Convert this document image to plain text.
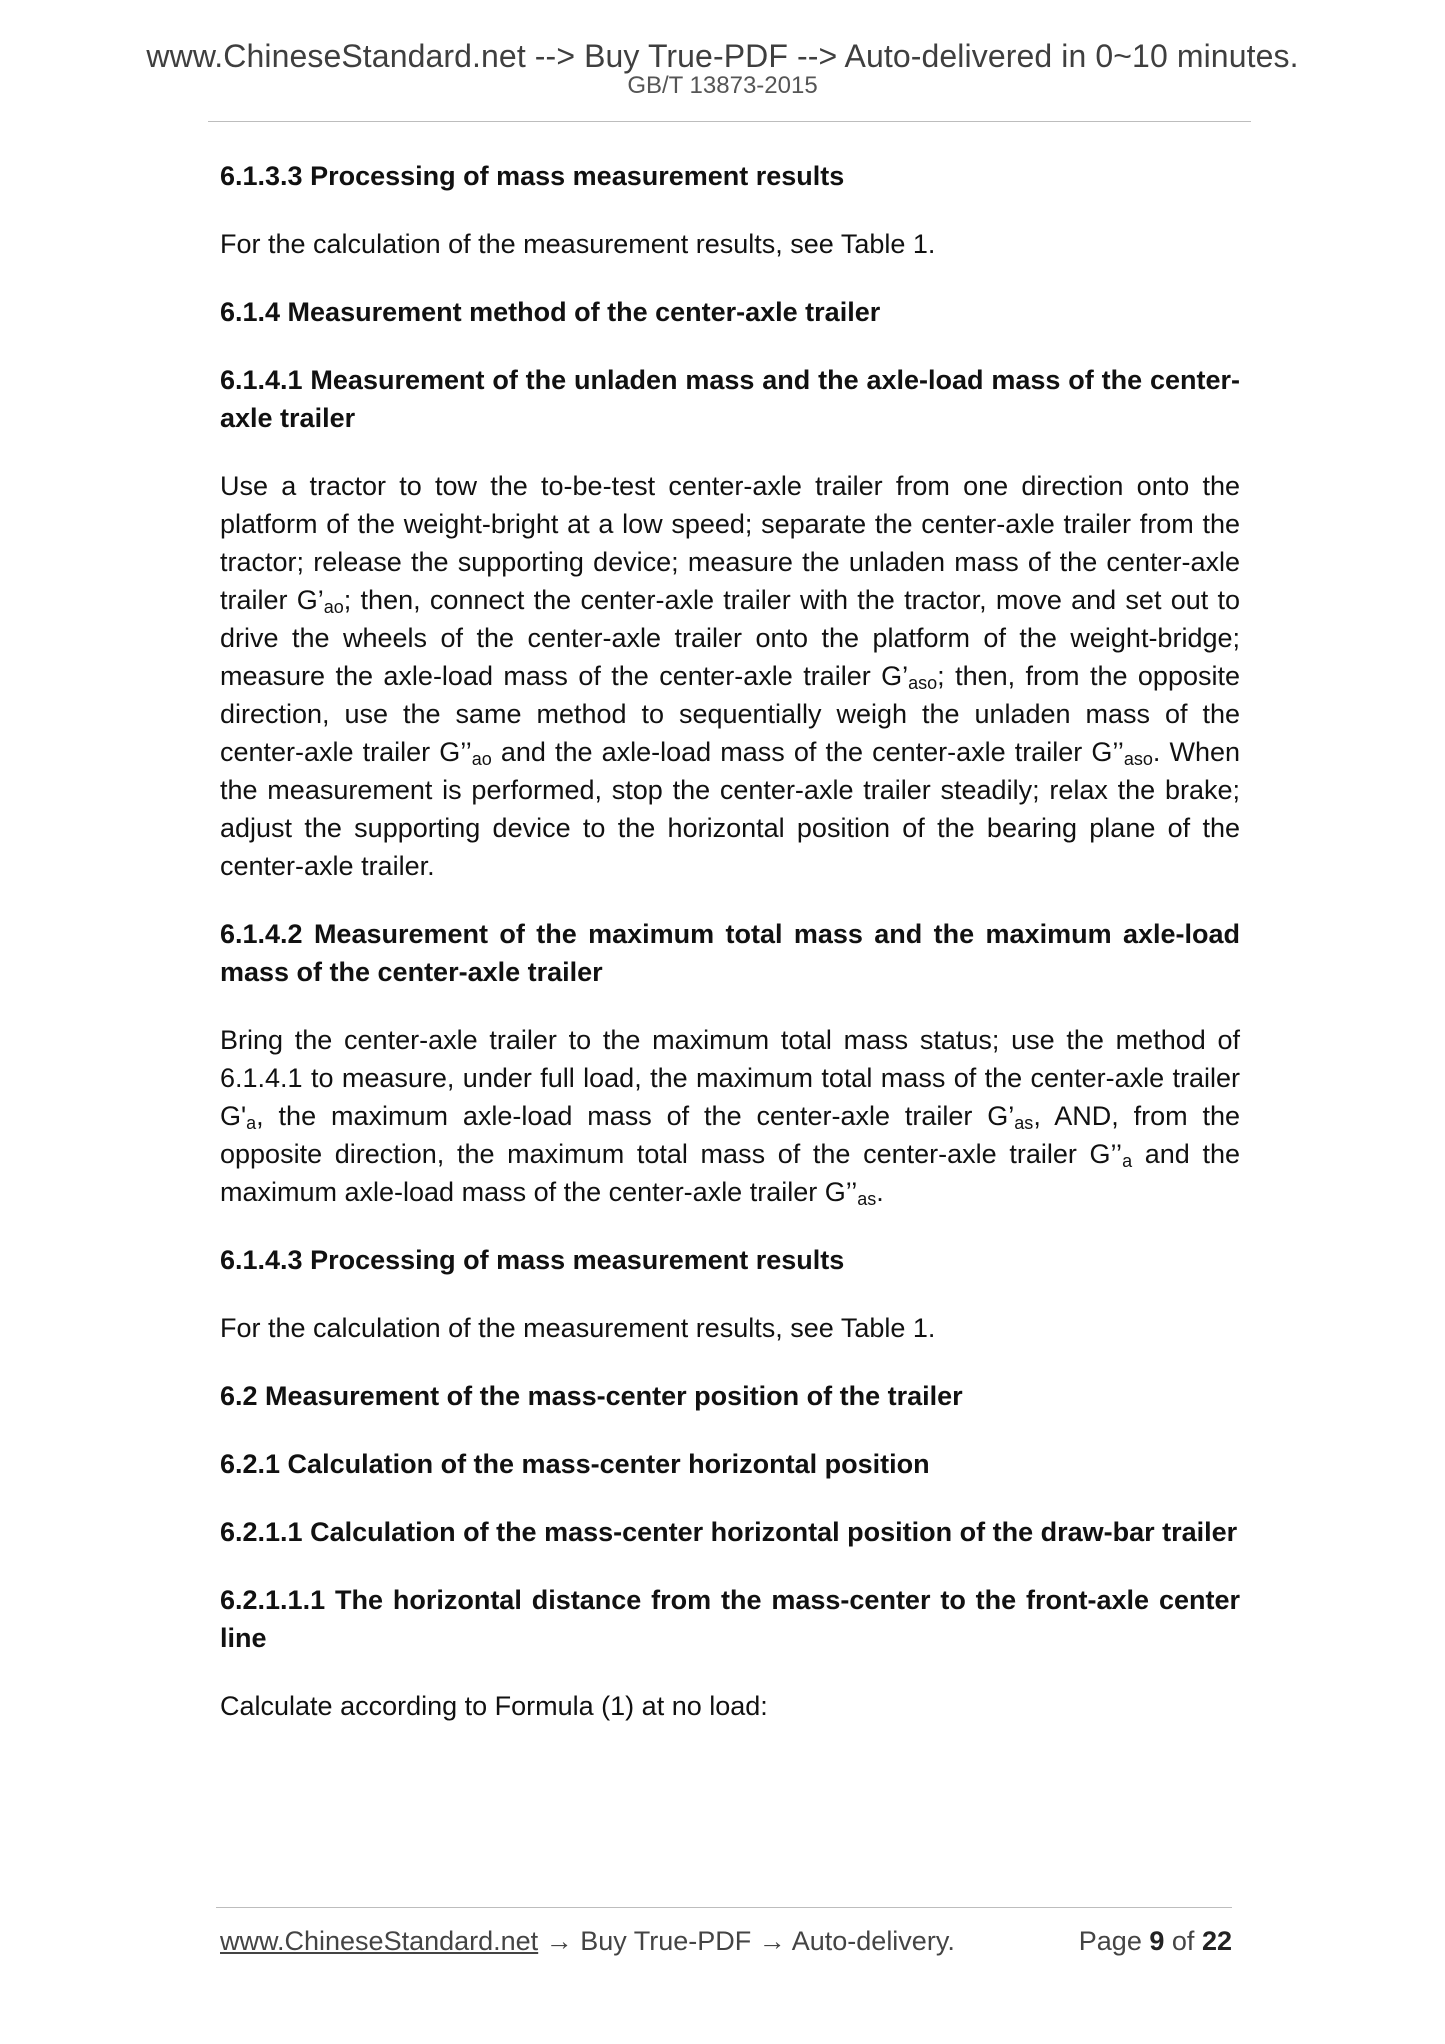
www.ChineseStandard.net --> Buy True-PDF --> Auto-delivered in 0~10 minutes.
GB/T 13873-2015

6.1.3.3 Processing of mass measurement results

For the calculation of the measurement results, see Table 1.

6.1.4 Measurement method of the center-axle trailer

6.1.4.1 Measurement of the unladen mass and the axle-load mass of the center-axle trailer

Use a tractor to tow the to-be-test center-axle trailer from one direction onto the platform of the weight-bright at a low speed; separate the center-axle trailer from the tractor; release the supporting device; measure the unladen mass of the center-axle trailer $G’_{ao}$; then, connect the center-axle trailer with the tractor, move and set out to drive the wheels of the center-axle trailer onto the platform of the weight-bridge; measure the axle-load mass of the center-axle trailer $G’_{aso}$; then, from the opposite direction, use the same method to sequentially weigh the unladen mass of the center-axle trailer $G’’_{ao}$ and the axle-load mass of the center-axle trailer $G’’_{aso}$. When the measurement is performed, stop the center-axle trailer steadily; relax the brake; adjust the supporting device to the horizontal position of the bearing plane of the center-axle trailer.

6.1.4.2 Measurement of the maximum total mass and the maximum axle-load mass of the center-axle trailer

Bring the center-axle trailer to the maximum total mass status; use the method of 6.1.4.1 to measure, under full load, the maximum total mass of the center-axle trailer $G'_a$, the maximum axle-load mass of the center-axle trailer $G’_{as}$, AND, from the opposite direction, the maximum total mass of the center-axle trailer $G’’_a$ and the maximum axle-load mass of the center-axle trailer $G’’_{as}$.

6.1.4.3 Processing of mass measurement results

For the calculation of the measurement results, see Table 1.

6.2 Measurement of the mass-center position of the trailer

6.2.1 Calculation of the mass-center horizontal position

6.2.1.1 Calculation of the mass-center horizontal position of the draw-bar trailer

6.2.1.1.1 The horizontal distance from the mass-center to the front-axle center line

Calculate according to Formula (1) at no load:

www.ChineseStandard.net → Buy True-PDF → Auto-delivery.	Page 9 of 22
